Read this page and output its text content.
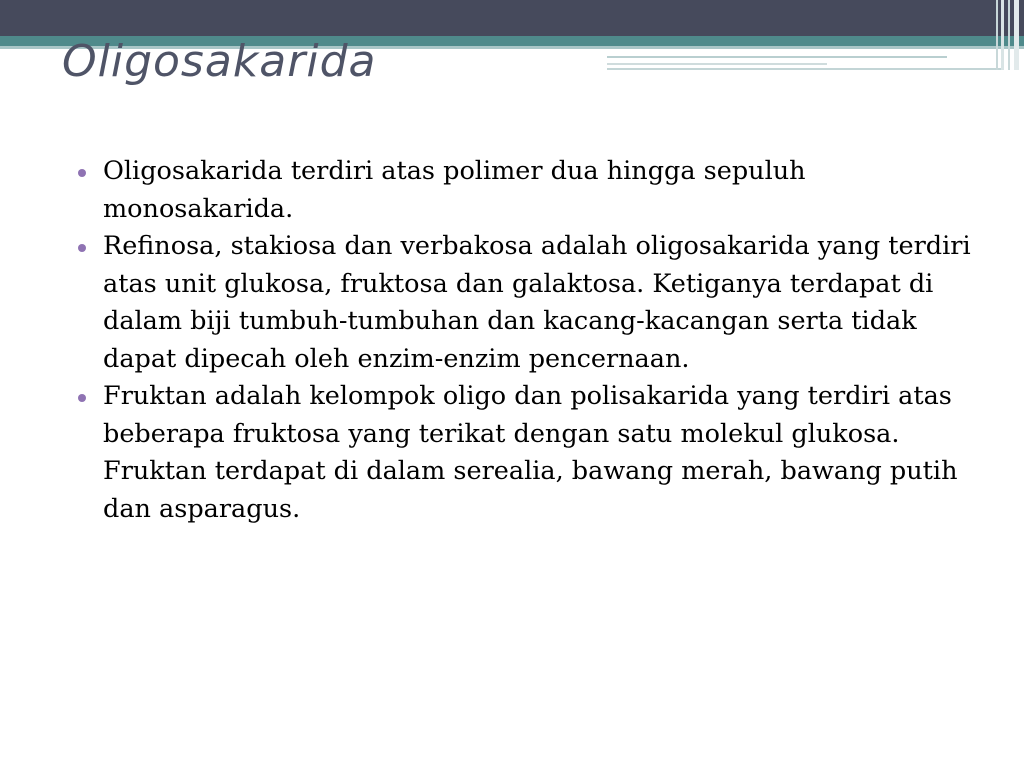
Oligosakarida
Oligosakarida terdiri atas polimer dua hingga sepuluh monosakarida.
Refinosa, stakiosa dan verbakosa adalah oligosakarida yang terdiri atas unit glukosa, fruktosa dan galaktosa. Ketiganya terdapat di dalam biji tumbuh-tumbuhan dan kacang-kacangan serta tidak dapat dipecah oleh enzim-enzim pencernaan.
Fruktan adalah kelompok oligo dan polisakarida yang terdiri atas beberapa fruktosa yang terikat dengan satu molekul glukosa. Fruktan terdapat di dalam serealia, bawang merah, bawang putih dan asparagus.
